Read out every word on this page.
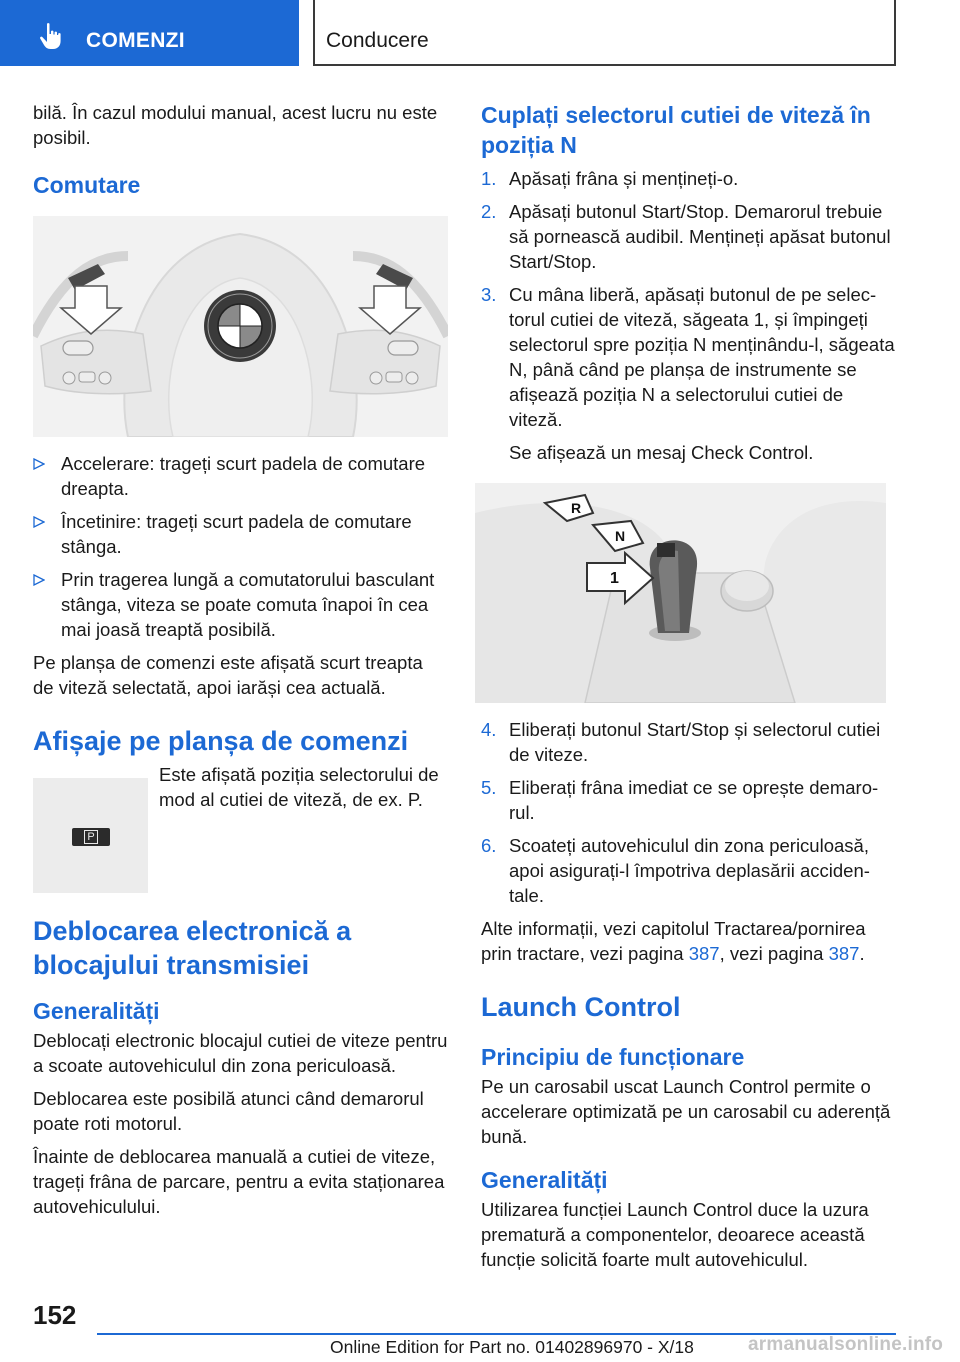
COMENZI	Conducere

bilă. În cazul modului manual, acest lucru nu este posibil.

Comutare
Accelerare: trageți scurt padela de comutare dreapta.
Încetinire: trageți scurt padela de comutare stânga.
Prin tragerea lungă a comutatorului basculant stânga, viteza se poate comuta înapoi în cea mai joasă treaptă posibilă.

Pe planșa de comenzi este afișată scurt treapta de viteză selectată, apoi iarăși cea actuală.

Afișaje pe planșa de comenzi
P

Este afișată poziția selectorului de mod al cutiei de viteză, de ex. P.

Deblocarea electronică a blocajului transmisiei
Generalități

Deblocați electronic blocajul cutiei de viteze pentru a scoate autovehiculul din zona periculoasă.

Deblocarea este posibilă atunci când demarorul poate roti motorul.

Înainte de deblocarea manuală a cutiei de viteze, trageți frâna de parcare, pentru a evita staționarea autovehiculului.

Cuplați selectorul cutiei de viteză în poziția N
1. Apăsați frâna și mențineți-o.
2. Apăsați butonul Start/Stop. Demarorul trebuie să pornească audibil. Mențineți apăsat butonul Start/Stop.
3. Cu mâna liberă, apăsați butonul de pe selectorul cutiei de viteză, săgeata 1, și împingeți selectorul spre poziția N menținându-l, săgeata N, până când pe planșa de instrumente se afișează poziția N a selectorului cutiei de viteză.

Se afișează un mesaj Check Control.

R
N
1
4. Eliberați butonul Start/Stop și selectorul cutiei de viteze.
5. Eliberați frâna imediat ce se oprește demarorul.
6. Scoateți autovehiculul din zona periculoasă, apoi asigurați-l împotriva deplasării accidentale.

Alte informații, vezi capitolul Tractarea/pornirea prin tractare, vezi pagina 387, vezi pagina 387.

Launch Control
Principiu de funcționare

Pe un carosabil uscat Launch Control permite o accelerare optimizată pe un carosabil cu aderență bună.

Generalități

Utilizarea funcției Launch Control duce la uzura prematură a componentelor, deoarece această funcție solicită foarte mult autovehiculul.

152
Online Edition for Part no. 01402896970 - X/18	armanualsonline.info
